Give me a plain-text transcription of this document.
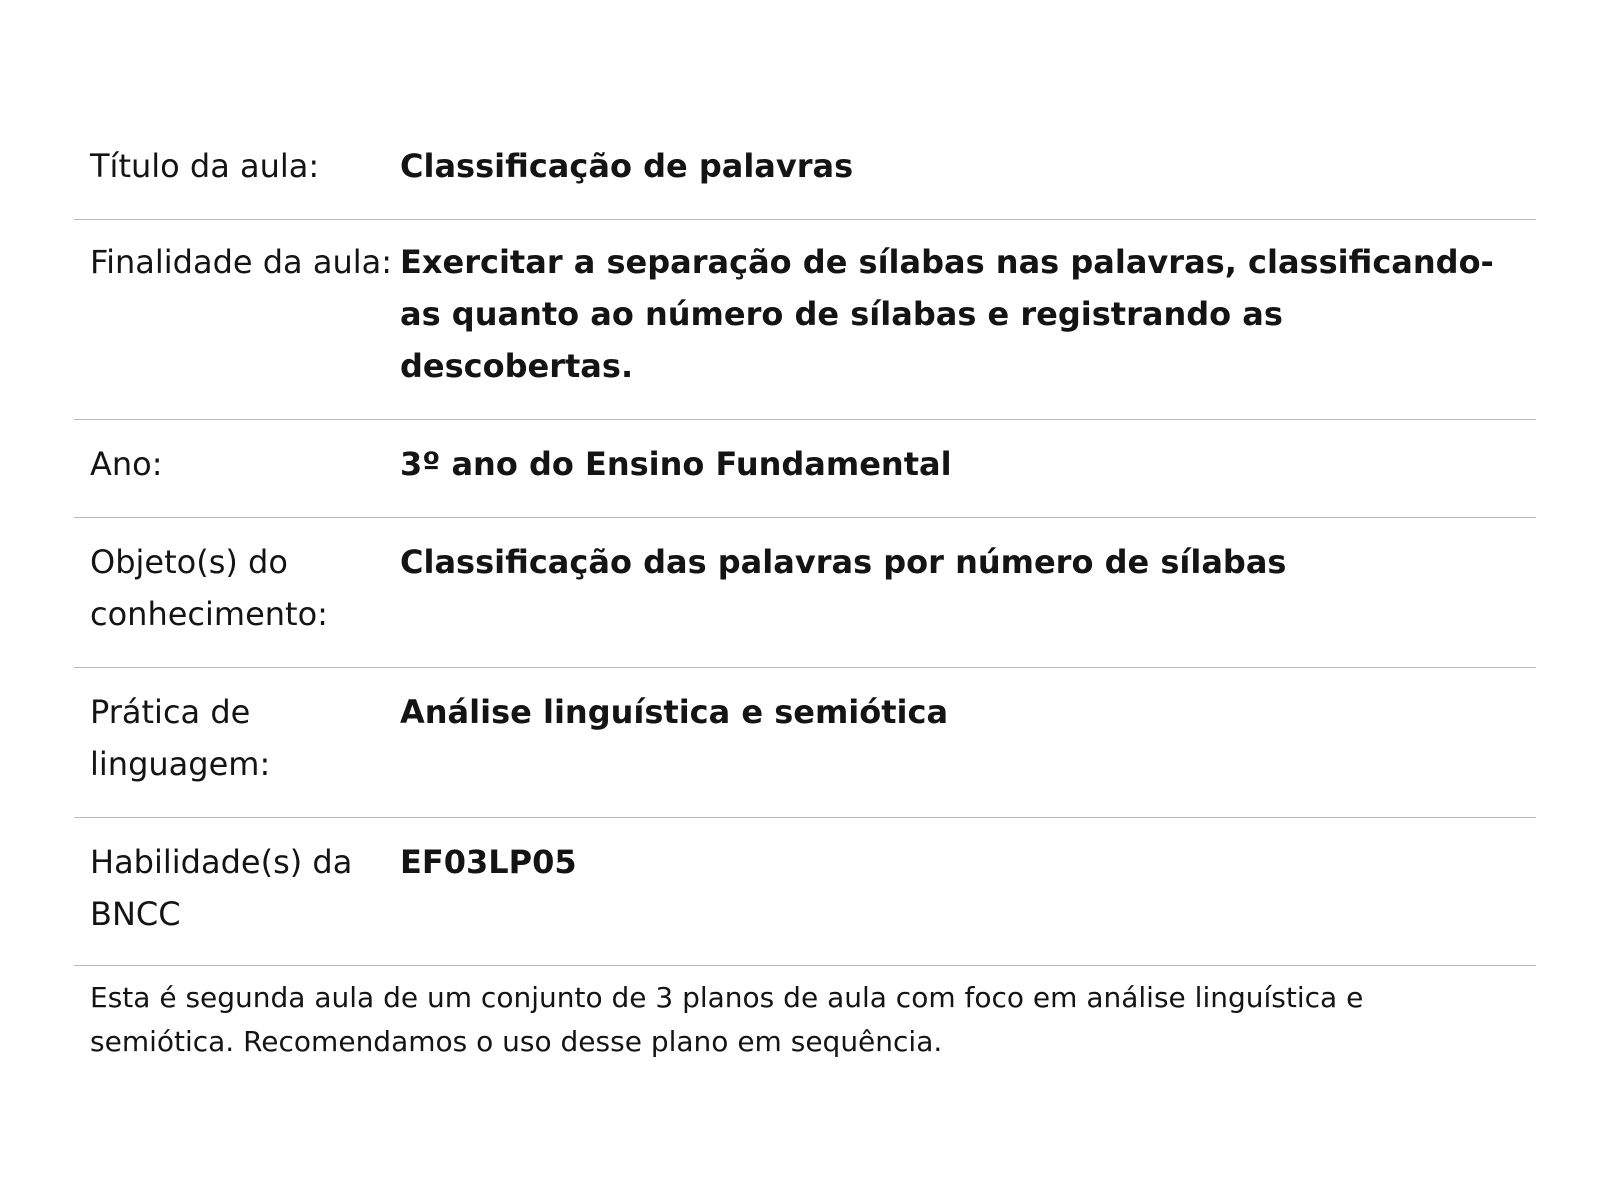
Título da aula:	Classificação de palavras
Finalidade da aula: Exercitar a separação de sílabas nas palavras, classificando-as quanto ao número de sílabas e registrando as descobertas.
Ano:	3º ano do Ensino Fundamental
Objeto(s) do conhecimento:
Classificação das palavras por número de sílabas
Prática de linguagem:
Análise linguística e semiótica
Habilidade(s) da BNCC
EF03LP05
Esta é segunda aula de um conjunto de 3 planos de aula com foco em análise linguística e semiótica. Recomendamos o uso desse plano em sequência.
